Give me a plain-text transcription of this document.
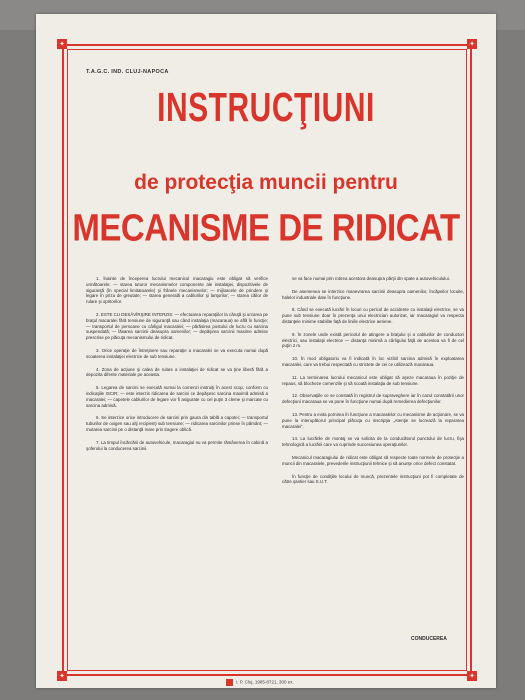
✦	✦
✦	✦
T.A.G.C. IND. CLUJ-NAPOCA
INSTRUCŢIUNI
de protecţia muncii pentru
MECANISME DE RIDICAT

1. Înainte de începerea lucrului mecanicul macaragiu este obligat să verifice următoarele: — starea tuturor mecanismelor componente ale instalaţiei, dispozitivele de siguranţă (în special limitatoarele) şi frânele mecanismelor; — mijloacele de prindere şi legare în priza de greutate; — starea generală a cablurilor şi lanţurilor; — starea căilor de rulare şi opritorilor.

2. ESTE CU DESĂVÎRŞIRE INTERZIS: — efectuarea reparaţiilor la căruţă şi urcarea pe braţul macaralei fără tensiune de siguranţă sau când instalaţia (macaraua) se află în funcţie; — transportul de persoane cu cârligul macaralei; — părăsirea postului de lucru cu sarcina suspendată; — lăsarea sarcinii deasupra oamenilor; — depăşirea sarcinii maxime admise prescrise pe plăcuţa mecanismului de ridicat.

3. Orice operaţie de întreţinere sau reparaţie a macaralei se va executa numai după scoaterea instalaţiei electrice de sub tensiune.

4. Zona de acţiune şi calea de rulare a instalaţiei de ridicat se va ţine liberă fără a depozita diferite materiale pe aceasta.

5. Legarea de sarcini se execută numai la comenzi instruiţi în acest scop, conform cu indicaţiile ISCIR; — este interzis ridicarea de sarcini ce depăşesc sarcina maximă admisă a macaralei; — capetele cablurilor de legare vor fi asigurate cu cel puţin 3 cleme şi marcate cu sarcina admisă.

6. Se interzice orice introducere de sarcini prin gaura din tablă a capotei; — transportul tuburilor de oxigen sau alţi recipienţi sub tensiune; — ridicarea sarcinilor prinse în pământ; — mutarea sarcinii pe o distanţă mare prin tragere oblică.

7. La timpul încărcării de autovehicule, macaragiul nu va permite rămânerea în cabină a şoferului la conducerea sarcinii.

se va face numai prin rotirea acestora deasupra părţii din spate a autovehiculului.

De asemenea se interzice manevrarea sarcinii deasupra oamenilor, încăpeilor locuite, halelor industriale date în funcţiune.

8. Când se execută lucrări în locuri cu pericol de accidente cu instalaţii electrice, se va pune sub tensiune doar în prezenţa unui electrician autorizat, iar macaragiul va respecta distanţele minime stabilite faţă de liniile electrice aeriene.

9. În zonele unde există pericolul de atingere a braţului şi a cablurilor de conductori electrici, sau instalaţii electrice — distanţa minimă a cârligului faţă de acestea va fi de cel puţin 2 m.

10. În mod obligatoriu va fi indicată în loc vizibil sarcina admisă în exploatarea macaralei, care va trebui respectată cu strictete de cei ce utilizează macaraua.

11. La terminarea lucrului mecanicul este obligat să aşeze macaraua în poziţie de repaus, să blocheze comenzile şi să scoată instalaţia de sub tensiune.

12. Observaţiile ce se constată în registrul de supraveghere iar în cazul constatării unor defecţiuni macaraua se va pune în funcţiune numai după remedierea defecţiunilor.

13. Pentru a evita pornirea în funcţiune a macaralelor cu mecanisme de acţionare, se va pune la interupătorul principal plăcuţa cu inscripţia „Atenţie se lucrează la repararea macaralei”.

14. La lucrările de montaj se va solicita de la conducătorul punctului de lucru, fişa tehnologică a lucrării care va cuprinde succesiunea operaţiunilor.

Mecanicul macaragiului de ridicat este obligat să respecte toate normele de protecţie a muncii din macaralele, prevederile instrucţiunii tehnice şi să anunţe orice defect constatat.

În funcţie de condiţiile locului de muncă, prezentele instrucţiuni pot fi completate de către şantier sau S.U.T.

CONDUCEREA
I. P. Cluj, 1985-8721, 300 ex.
